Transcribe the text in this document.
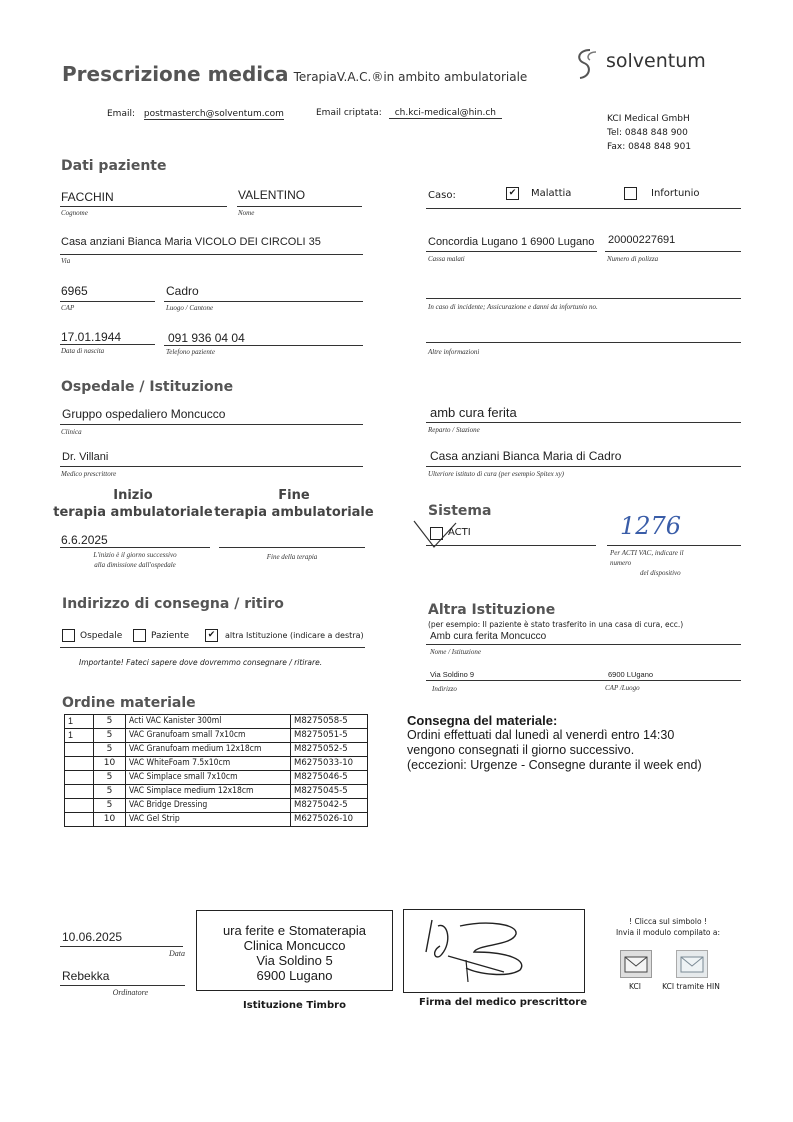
Prescrizione medica TerapiaV.A.C.®in ambito ambulatoriale
solventum
Email: postmasterch@solventum.com	Email criptata: ch.kci-medical@hin.ch
KCI Medical GmbH
Tel: 0848 848 900
Fax: 0848 848 901
Dati paziente
FACCHIN
Cognome
VALENTINO
Nome
Casa anziani Bianca Maria VICOLO DEI CIRCOLI 35
Via
6965
CAP
Cadro
Luogo / Cantone
17.01.1944
Data di nascita
091 936 04 04
Telefono paziente
Caso:	✔ Malattia	Infortunio
Concordia Lugano 1 6900 Lugano
Cassa malati
20000227691
Numero di polizza
In caso di incidente; Assicurazione e danni da infortunio no.
Altre informazioni
Ospedale / Istituzione
Gruppo ospedaliero Moncucco
Clinica
Dr. Villani
Medico prescrittore
amb cura ferita
Reparto / Stazione
Casa anziani Bianca Maria di Cadro
Ulteriore istituto di cura (per esempio Spitex xy)
Inizio
terapia ambulatoriale
Fine
terapia ambulatoriale
6.6.2025
L'inizio è il giorno successivo
alla dimissione dall'ospedale
Fine della terapia
Sistema
ACTI	1276
Per ACTI VAC, indicare il
numero
del dispositivo
Indirizzo di consegna / ritiro
Ospedale	Paziente	✔	altra Istituzione (indicare a destra)
Importante! Fateci sapere dove dovremmo consegnare / ritirare.
Altra Istituzione
(per esempio: Il paziente è stato trasferito in una casa di cura, ecc.)
Amb cura ferita Moncucco
Nome / Istituzione
Via Soldino 9	6900 LUgano
Indirizzo	CAP /Luogo
Ordine materiale
1	5	Acti VAC Kanister 300ml	M8275058-5
1	5	VAC Granufoam small 7x10cm	M8275051-5
	5	VAC Granufoam medium 12x18cm	M8275052-5
	10	VAC WhiteFoam 7.5x10cm	M6275033-10
	5	VAC Simplace small 7x10cm	M8275046-5
	5	VAC Simplace medium 12x18cm	M8275045-5
	5	VAC Bridge Dressing	M8275042-5
	10	VAC Gel Strip	M6275026-10
Consegna del materiale:
Ordini effettuati dal lunedì al venerdì entro 14:30
vengono consegnati il giorno successivo.
(eccezioni: Urgenze - Consegne durante il week end)
10.06.2025
Data
Rebekka
Ordinatore
ura ferite e Stomaterapia
Clinica Moncucco
Via Soldino 5
6900 Lugano
Istituzione Timbro	Firma del medico prescrittore
! Clicca sul simbolo !
Invia il modulo compilato a:
KCI	KCI tramite HIN
